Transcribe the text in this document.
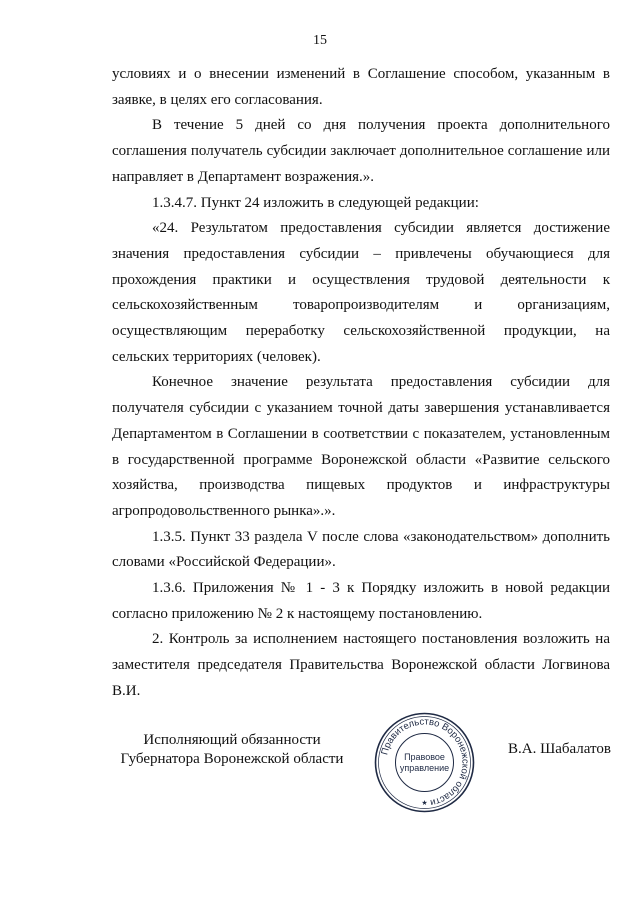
15

условиях и о внесении изменений в Соглашение способом, указанным в заявке, в целях его согласования.

В течение 5 дней со дня получения проекта дополнительного соглашения получатель субсидии заключает дополнительное соглашение или направляет в Департамент возражения.».

1.3.4.7. Пункт 24 изложить в следующей редакции:

«24. Результатом предоставления субсидии является достижение значения предоставления субсидии – привлечены обучающиеся для прохождения практики и осуществления трудовой деятельности к сельскохозяйственным товаропроизводителям и организациям, осуществляющим переработку сельскохозяйственной продукции, на сельских территориях (человек).

Конечное значение результата предоставления субсидии для получателя субсидии с указанием точной даты завершения устанавливается Департаментом в Соглашении в соответствии с показателем, установленным в государственной программе Воронежской области «Развитие сельского хозяйства, производства пищевых продуктов и инфраструктуры агропродовольственного рынка».».

1.3.5. Пункт 33 раздела V после слова «законодательством» дополнить словами «Российской Федерации».

1.3.6. Приложения № 1 - 3 к Порядку изложить в новой редакции согласно приложению № 2 к настоящему постановлению.

2. Контроль за исполнением настоящего постановления возложить на заместителя председателя Правительства Воронежской области Логвинова В.И.

Исполняющий обязанности
Губернатора Воронежской области	Правительство Воронежской области
Правовое
управление
★
В.А. Шабалатов
